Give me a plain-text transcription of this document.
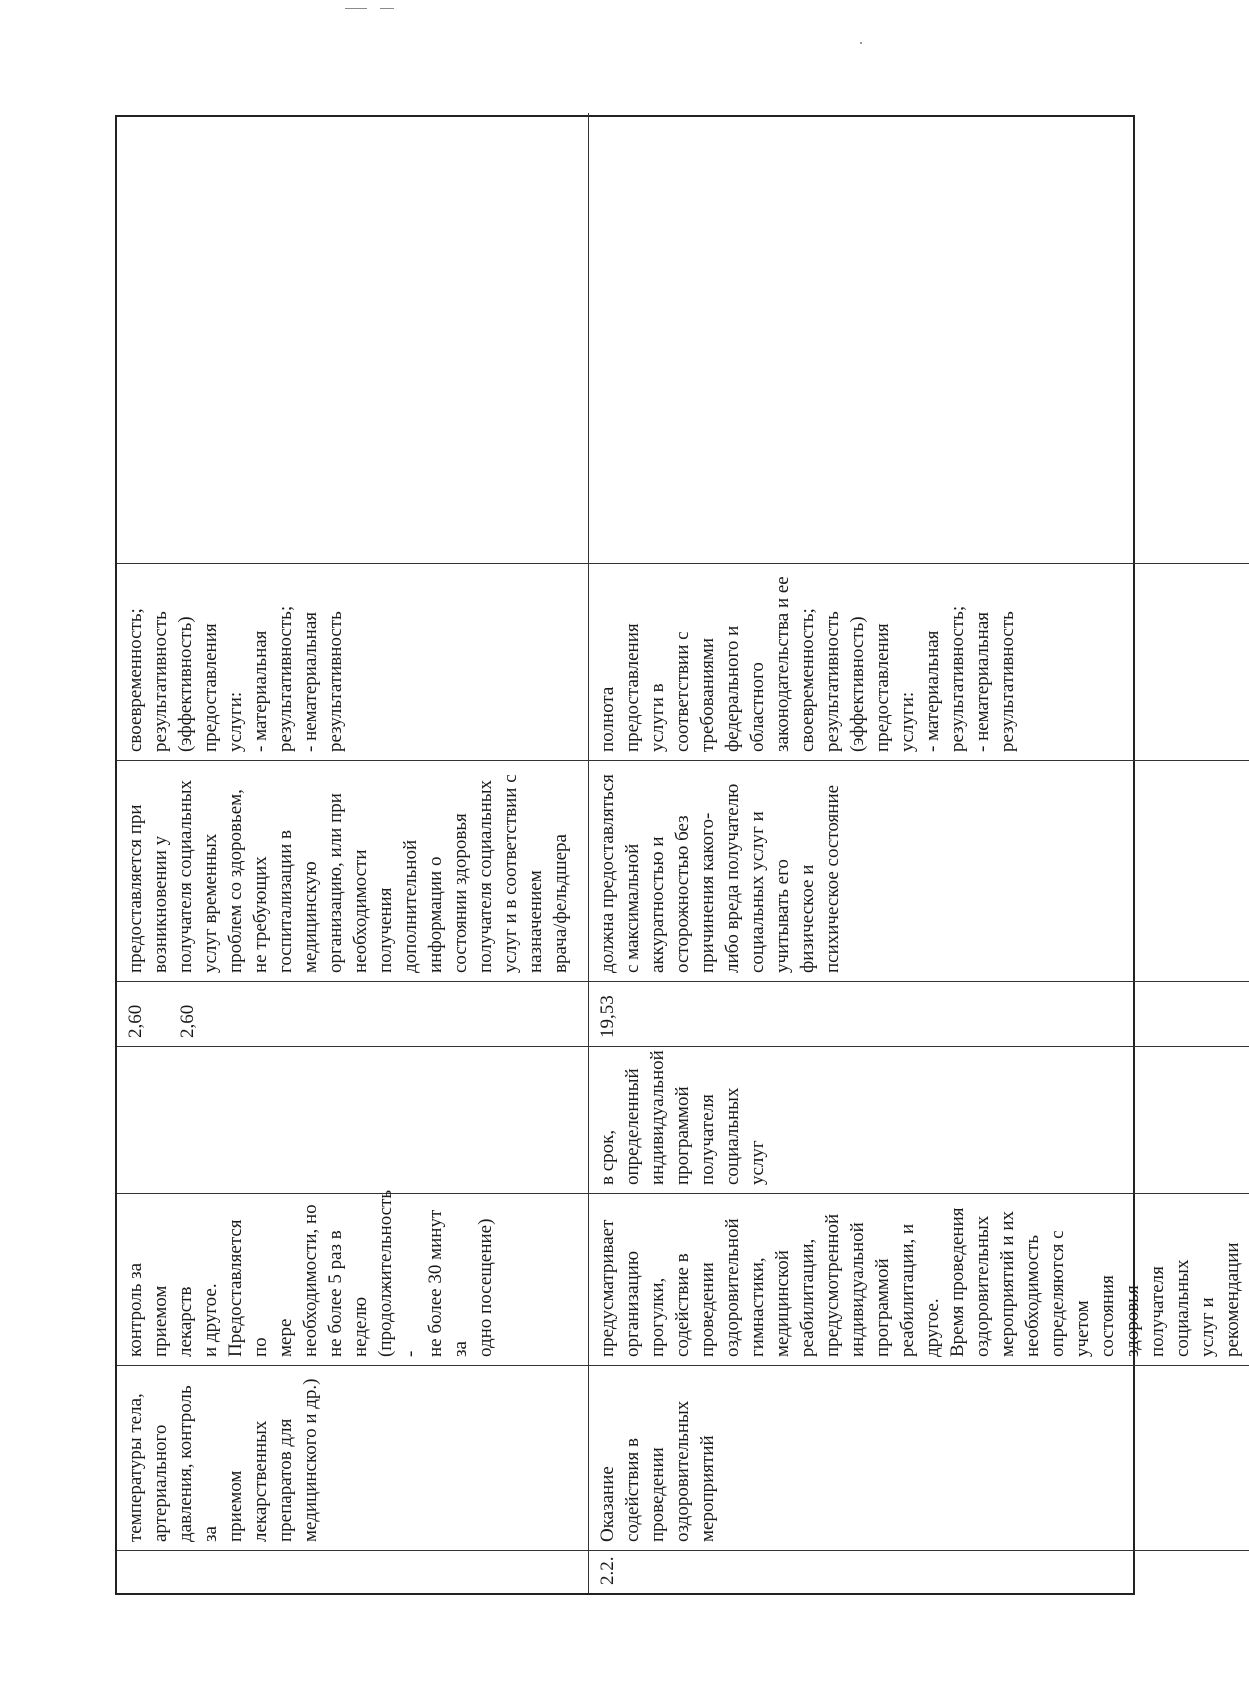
температуры тела,
артериального
давления, контроль за
приемом лекарственных
препаратов для
медицинского и др.)
контроль за приемом
лекарств
и другое.
Предоставляется по
мере необходимости, но
не более 5 раз в неделю
(продолжительность -
не более 30 минут за
одно посещение)
2,60

2,60
предоставляется при
возникновении у
получателя социальных
услуг временных
проблем со здоровьем,
не требующих
госпитализации в
медицинскую
организацию, или при
необходимости
получения
дополнительной
информации о
состоянии здоровья
получателя социальных
услуг и в соответствии с
назначением
врача/фельдшера
своевременность;
результативность
(эффективность)
предоставления
услуги:
- материальная
результативность;
- нематериальная
результативность
2.2.
Оказание содействия в
проведении
оздоровительных
мероприятий
предусматривает
организацию прогулки,
содействие в
проведении
оздоровительной
гимнастики,
медицинской
реабилитации,
предусмотренной
индивидуальной
программой
реабилитации, и другое.
Время проведения
оздоровительных
мероприятий и их
необходимость
определяются с учетом
состояния здоровья
получателя социальных
услуг и рекомендации
в срок,
определенный
индивидуальной
программой
получателя
социальных услуг
19,53
должна предоставляться
с максимальной
аккуратностью и
осторожностью без
причинения какого-
либо вреда получателю
социальных услуг и
учитывать его
физическое и
психическое состояние
полнота
предоставления
услуги в
соответствии с
требованиями
федерального и
областного
законодательства и ее
своевременность;
результативность
(эффективность)
предоставления
услуги:
- материальная
результативность;
- нематериальная
результативность
